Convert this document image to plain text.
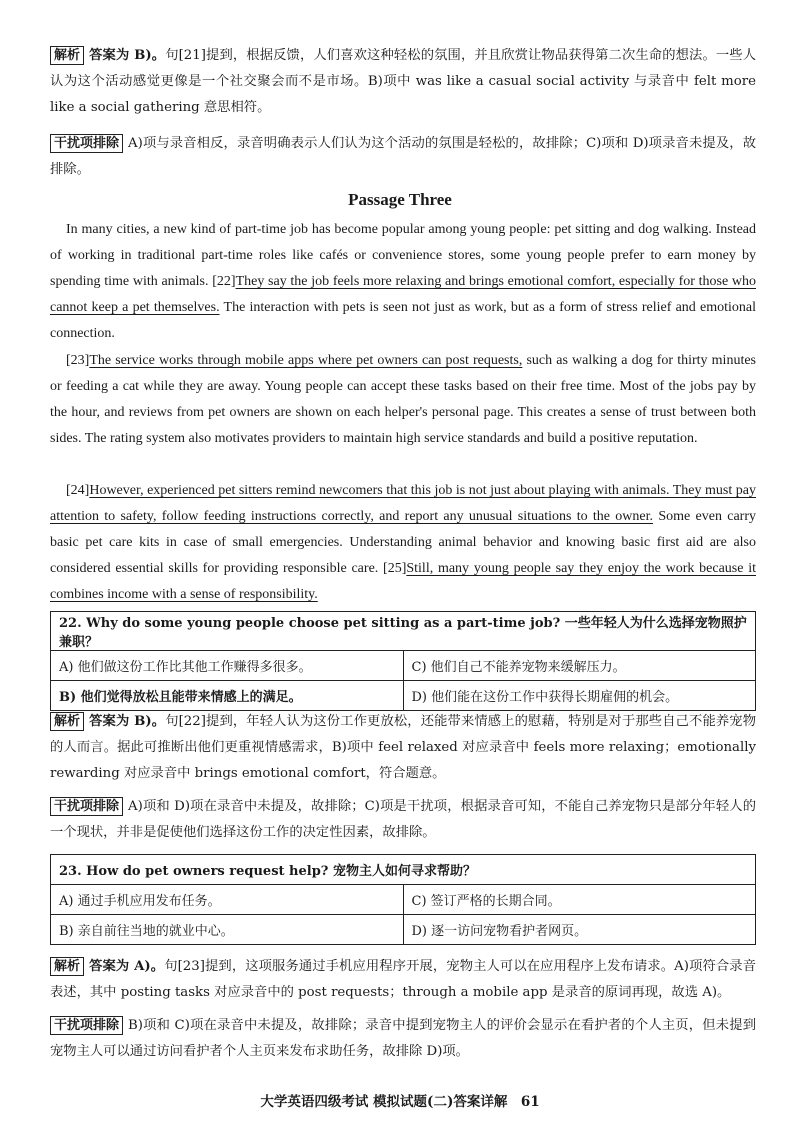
解析 答案为 B)。句[21]提到，根据反馈，人们喜欢这种轻松的氛围，并且欣赏让物品获得第二次生命的想法。一些人认为这个活动感觉更像是一个社交聚会而不是市场。B)项中 was like a casual social activity 与录音中 felt more like a social gathering 意思相符。

干扰项排除 A)项与录音相反，录音明确表示人们认为这个活动的氛围是轻松的，故排除；C)项和 D)项录音未提及，故排除。

Passage Three

In many cities, a new kind of part-time job has become popular among young people: pet sitting and dog walking. Instead of working in traditional part-time roles like cafés or convenience stores, some young people prefer to earn money by spending time with animals. [22]They say the job feels more relaxing and brings emotional comfort, especially for those who cannot keep a pet themselves. The interaction with pets is seen not just as work, but as a form of stress relief and emotional connection.

[23]The service works through mobile apps where pet owners can post requests, such as walking a dog for thirty minutes or feeding a cat while they are away. Young people can accept these tasks based on their free time. Most of the jobs pay by the hour, and reviews from pet owners are shown on each helper's personal page. This creates a sense of trust between both sides. The rating system also motivates providers to maintain high service standards and build a positive reputation.

[24]However, experienced pet sitters remind newcomers that this job is not just about playing with animals. They must pay attention to safety, follow feeding instructions correctly, and report any unusual situations to the owner. Some even carry basic pet care kits in case of small emergencies. Understanding animal behavior and knowing basic first aid are also considered essential skills for providing responsible care. [25]Still, many young people say they enjoy the work because it combines income with a sense of responsibility.

22. Why do some young people choose pet sitting as a part-time job? 一些年轻人为什么选择宠物照护兼职？	
A) 他们做这份工作比其他工作赚得多很多。	C) 他们自己不能养宠物来缓解压力。
B) 他们觉得放松且能带来情感上的满足。	D) 他们能在这份工作中获得长期雇佣的机会。

解析 答案为 B)。句[22]提到，年轻人认为这份工作更放松，还能带来情感上的慰藉，特别是对于那些自己不能养宠物的人而言。据此可推断出他们更重视情感需求，B)项中 feel relaxed 对应录音中 feels more relaxing；emotionally rewarding 对应录音中 brings emotional comfort，符合题意。

干扰项排除 A)项和 D)项在录音中未提及，故排除；C)项是干扰项，根据录音可知，不能自己养宠物只是部分年轻人的一个现状，并非是促使他们选择这份工作的决定性因素，故排除。

23. How do pet owners request help? 宠物主人如何寻求帮助？	
A) 通过手机应用发布任务。	C) 签订严格的长期合同。
B) 亲自前往当地的就业中心。	D) 逐一访问宠物看护者网页。

解析 答案为 A)。句[23]提到，这项服务通过手机应用程序开展，宠物主人可以在应用程序上发布请求。A)项符合录音表述，其中 posting tasks 对应录音中的 post requests；through a mobile app 是录音的原词再现，故选 A)。

干扰项排除 B)项和 C)项在录音中未提及，故排除；录音中提到宠物主人的评价会显示在看护者的个人主页，但未提到宠物主人可以通过访问看护者个人主页来发布求助任务，故排除 D)项。

大学英语四级考试 模拟试题(二)答案详解　61
